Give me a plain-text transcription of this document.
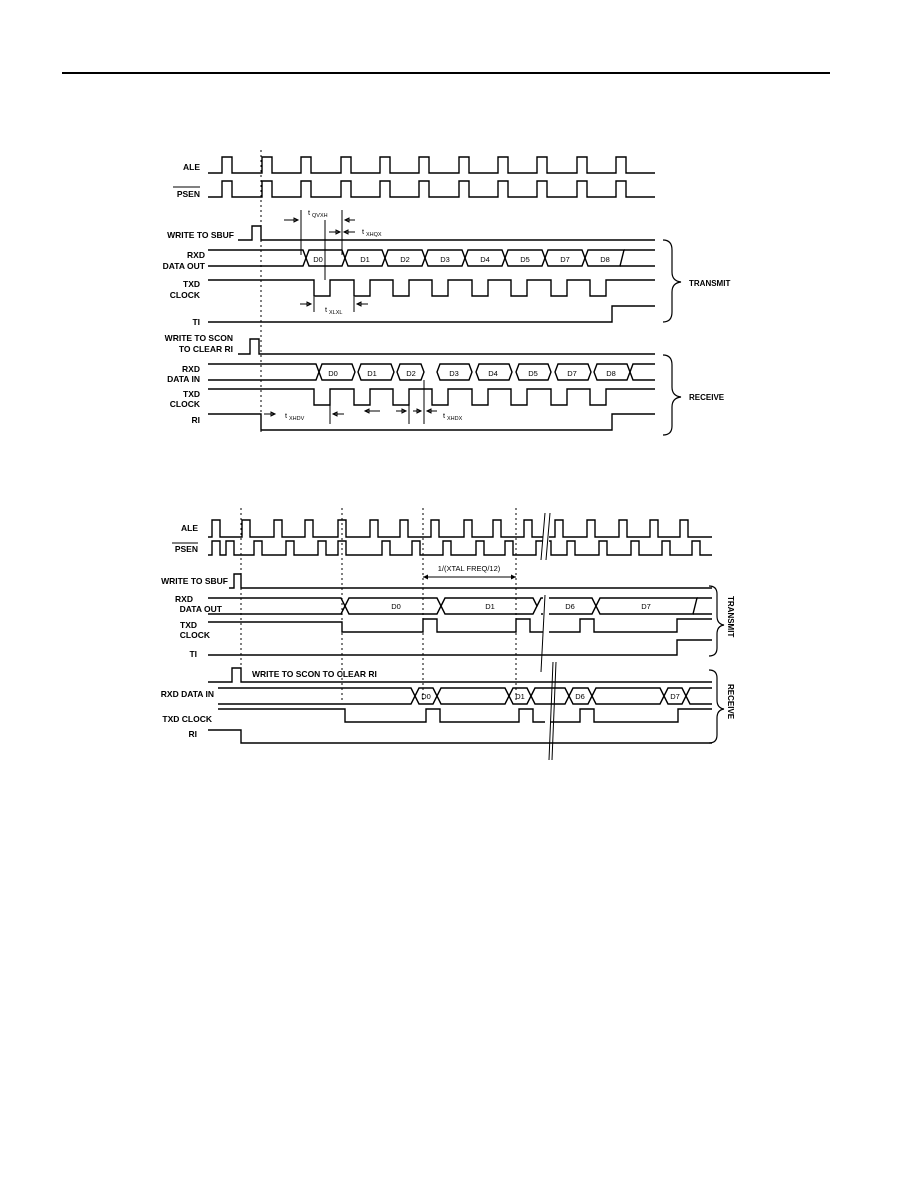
ALE
PSEN
WRITE TO SBUF
RXD
DATA OUT
TXD
CLOCK
TI
WRITE TO SCON
TO CLEAR RI
RXD
DATA IN
TXD
CLOCK
RI
D0	D1	D2	D3	D4	D5	D7	D8
D0	D1	D2	D3	D4	D5	D7	D8
t QVXH
t XHQX
t XLXL
t XHDV	t XHDX
TRANSMIT
RECEIVE
ALE
PSEN
WRITE TO SBUF
RXD
DATA OUT
TXD
CLOCK
TI
WRITE TO SCON TO CLEAR RI
RXD DATA IN
TXD CLOCK
RI
1/(XTAL FREQ/12)
D0	D1	D6	D7
D0	D1	D6	D7
TRANSMIT
RECEIVE
